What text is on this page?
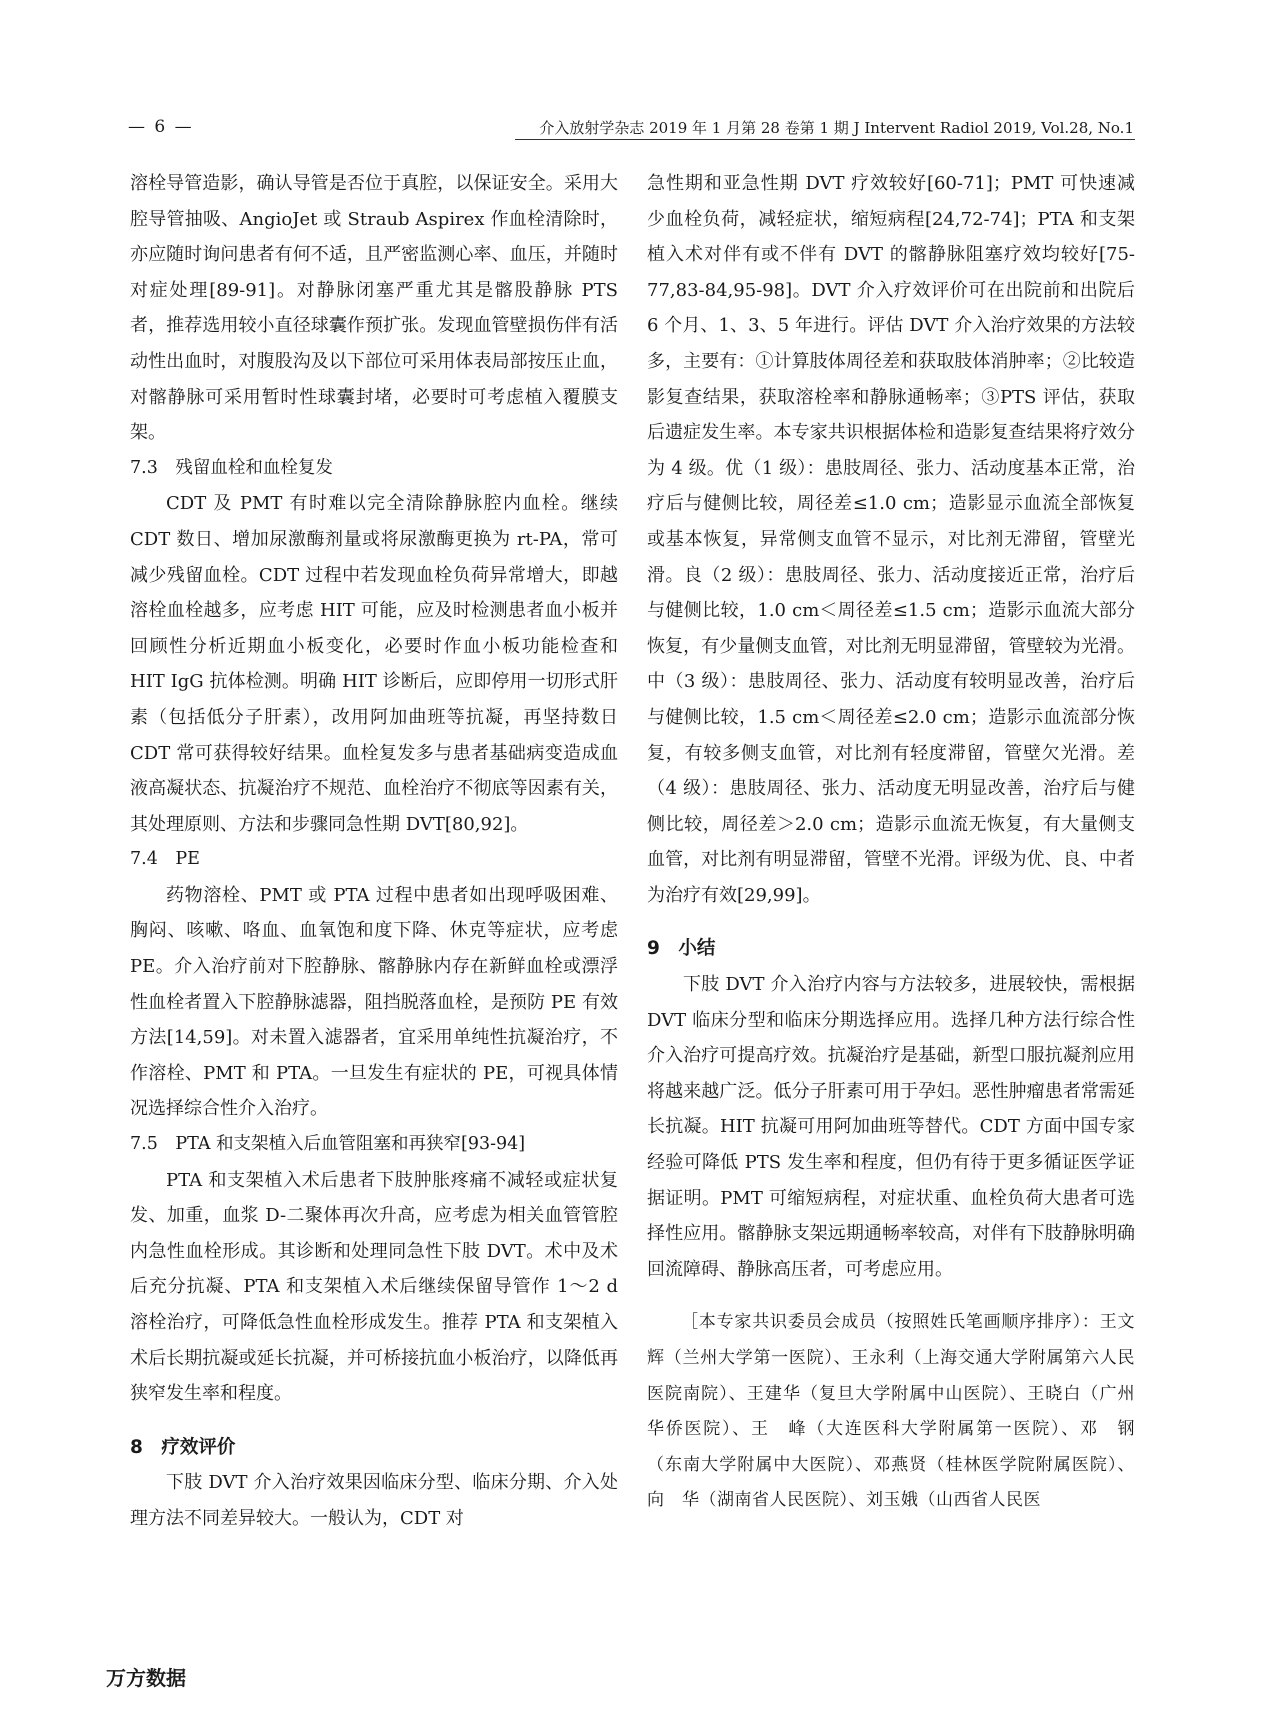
— 6 —	介入放射学杂志 2019 年 1 月第 28 卷第 1 期 J Intervent Radiol 2019, Vol.28, No.1

溶栓导管造影，确认导管是否位于真腔，以保证安全。采用大腔导管抽吸、AngioJet 或 Straub Aspirex 作血栓清除时，亦应随时询问患者有何不适，且严密监测心率、血压，并随时对症处理[89-91]。对静脉闭塞严重尤其是髂股静脉 PTS 者，推荐选用较小直径球囊作预扩张。发现血管壁损伤伴有活动性出血时，对腹股沟及以下部位可采用体表局部按压止血，对髂静脉可采用暂时性球囊封堵，必要时可考虑植入覆膜支架。

7.3　残留血栓和血栓复发

CDT 及 PMT 有时难以完全清除静脉腔内血栓。继续 CDT 数日、增加尿激酶剂量或将尿激酶更换为 rt-PA，常可减少残留血栓。CDT 过程中若发现血栓负荷异常增大，即越溶栓血栓越多，应考虑 HIT 可能，应及时检测患者血小板并回顾性分析近期血小板变化，必要时作血小板功能检查和 HIT IgG 抗体检测。明确 HIT 诊断后，应即停用一切形式肝素（包括低分子肝素），改用阿加曲班等抗凝，再坚持数日 CDT 常可获得较好结果。血栓复发多与患者基础病变造成血液高凝状态、抗凝治疗不规范、血栓治疗不彻底等因素有关，其处理原则、方法和步骤同急性期 DVT[80,92]。

7.4　PE

药物溶栓、PMT 或 PTA 过程中患者如出现呼吸困难、胸闷、咳嗽、咯血、血氧饱和度下降、休克等症状，应考虑 PE。介入治疗前对下腔静脉、髂静脉内存在新鲜血栓或漂浮性血栓者置入下腔静脉滤器，阻挡脱落血栓，是预防 PE 有效方法[14,59]。对未置入滤器者，宜采用单纯性抗凝治疗，不作溶栓、PMT 和 PTA。一旦发生有症状的 PE，可视具体情况选择综合性介入治疗。

7.5　PTA 和支架植入后血管阻塞和再狭窄[93-94]

PTA 和支架植入术后患者下肢肿胀疼痛不减轻或症状复发、加重，血浆 D-二聚体再次升高，应考虑为相关血管管腔内急性血栓形成。其诊断和处理同急性下肢 DVT。术中及术后充分抗凝、PTA 和支架植入术后继续保留导管作 1～2 d 溶栓治疗，可降低急性血栓形成发生。推荐 PTA 和支架植入术后长期抗凝或延长抗凝，并可桥接抗血小板治疗，以降低再狭窄发生率和程度。

8　疗效评价

下肢 DVT 介入治疗效果因临床分型、临床分期、介入处理方法不同差异较大。一般认为，CDT 对

急性期和亚急性期 DVT 疗效较好[60-71]；PMT 可快速减少血栓负荷，减轻症状，缩短病程[24,72-74]；PTA 和支架植入术对伴有或不伴有 DVT 的髂静脉阻塞疗效均较好[75-77,83-84,95-98]。DVT 介入疗效评价可在出院前和出院后 6 个月、1、3、5 年进行。评估 DVT 介入治疗效果的方法较多，主要有：①计算肢体周径差和获取肢体消肿率；②比较造影复查结果，获取溶栓率和静脉通畅率；③PTS 评估，获取后遗症发生率。本专家共识根据体检和造影复查结果将疗效分为 4 级。优（1 级）：患肢周径、张力、活动度基本正常，治疗后与健侧比较，周径差≤1.0 cm；造影显示血流全部恢复或基本恢复，异常侧支血管不显示，对比剂无滞留，管壁光滑。良（2 级）：患肢周径、张力、活动度接近正常，治疗后与健侧比较，1.0 cm＜周径差≤1.5 cm；造影示血流大部分恢复，有少量侧支血管，对比剂无明显滞留，管壁较为光滑。中（3 级）：患肢周径、张力、活动度有较明显改善，治疗后与健侧比较，1.5 cm＜周径差≤2.0 cm；造影示血流部分恢复，有较多侧支血管，对比剂有轻度滞留，管壁欠光滑。差（4 级）：患肢周径、张力、活动度无明显改善，治疗后与健侧比较，周径差＞2.0 cm；造影示血流无恢复，有大量侧支血管，对比剂有明显滞留，管壁不光滑。评级为优、良、中者为治疗有效[29,99]。

9　小结

下肢 DVT 介入治疗内容与方法较多，进展较快，需根据 DVT 临床分型和临床分期选择应用。选择几种方法行综合性介入治疗可提高疗效。抗凝治疗是基础，新型口服抗凝剂应用将越来越广泛。低分子肝素可用于孕妇。恶性肿瘤患者常需延长抗凝。HIT 抗凝可用阿加曲班等替代。CDT 方面中国专家经验可降低 PTS 发生率和程度，但仍有待于更多循证医学证据证明。PMT 可缩短病程，对症状重、血栓负荷大患者可选择性应用。髂静脉支架远期通畅率较高，对伴有下肢静脉明确回流障碍、静脉高压者，可考虑应用。

［本专家共识委员会成员（按照姓氏笔画顺序排序）：王文辉（兰州大学第一医院）、王永利（上海交通大学附属第六人民医院南院）、王建华（复旦大学附属中山医院）、王晓白（广州华侨医院）、王　峰（大连医科大学附属第一医院）、邓　钢（东南大学附属中大医院）、邓燕贤（桂林医学院附属医院）、向　华（湖南省人民医院）、刘玉娥（山西省人民医

万方数据
